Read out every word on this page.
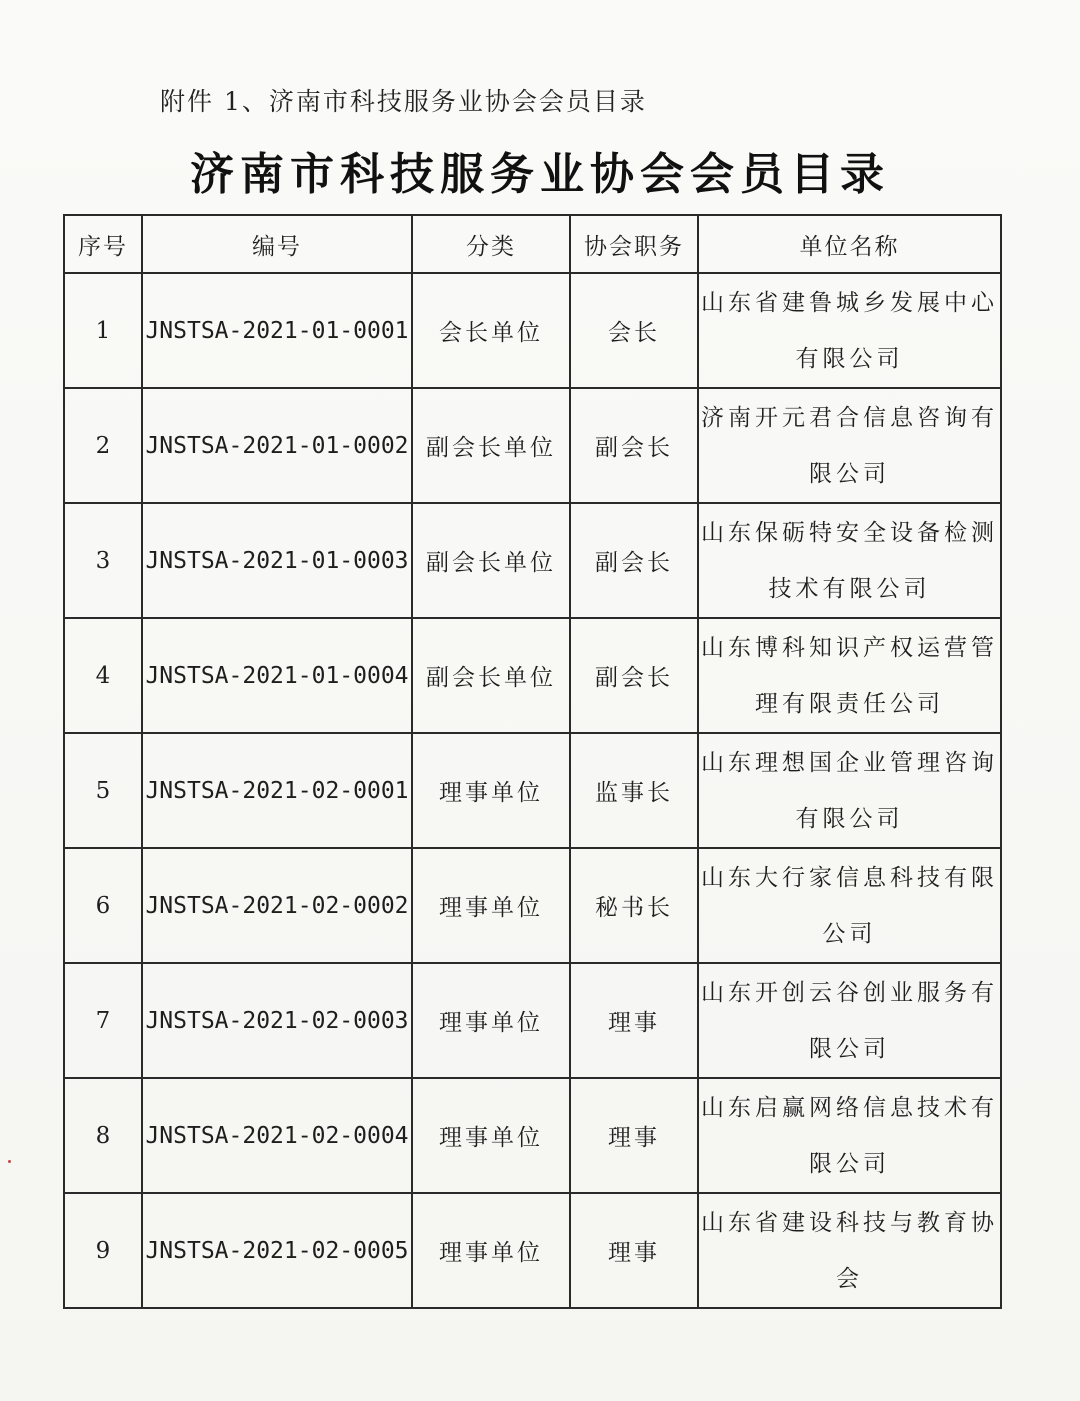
附件 1、济南市科技服务业协会会员目录
济南市科技服务业协会会员目录
序号	编号	分类	协会职务	单位名称
1	JNSTSA-2021-01-0001	会长单位	会长	山东省建鲁城乡发展中心有限公司
2	JNSTSA-2021-01-0002	副会长单位	副会长	济南开元君合信息咨询有限公司
3	JNSTSA-2021-01-0003	副会长单位	副会长	山东保砺特安全设备检测技术有限公司
4	JNSTSA-2021-01-0004	副会长单位	副会长	山东博科知识产权运营管理有限责任公司
5	JNSTSA-2021-02-0001	理事单位	监事长	山东理想国企业管理咨询有限公司
6	JNSTSA-2021-02-0002	理事单位	秘书长	山东大行家信息科技有限公司
7	JNSTSA-2021-02-0003	理事单位	理事	山东开创云谷创业服务有限公司
8	JNSTSA-2021-02-0004	理事单位	理事	山东启赢网络信息技术有限公司
9	JNSTSA-2021-02-0005	理事单位	理事	山东省建设科技与教育协会
